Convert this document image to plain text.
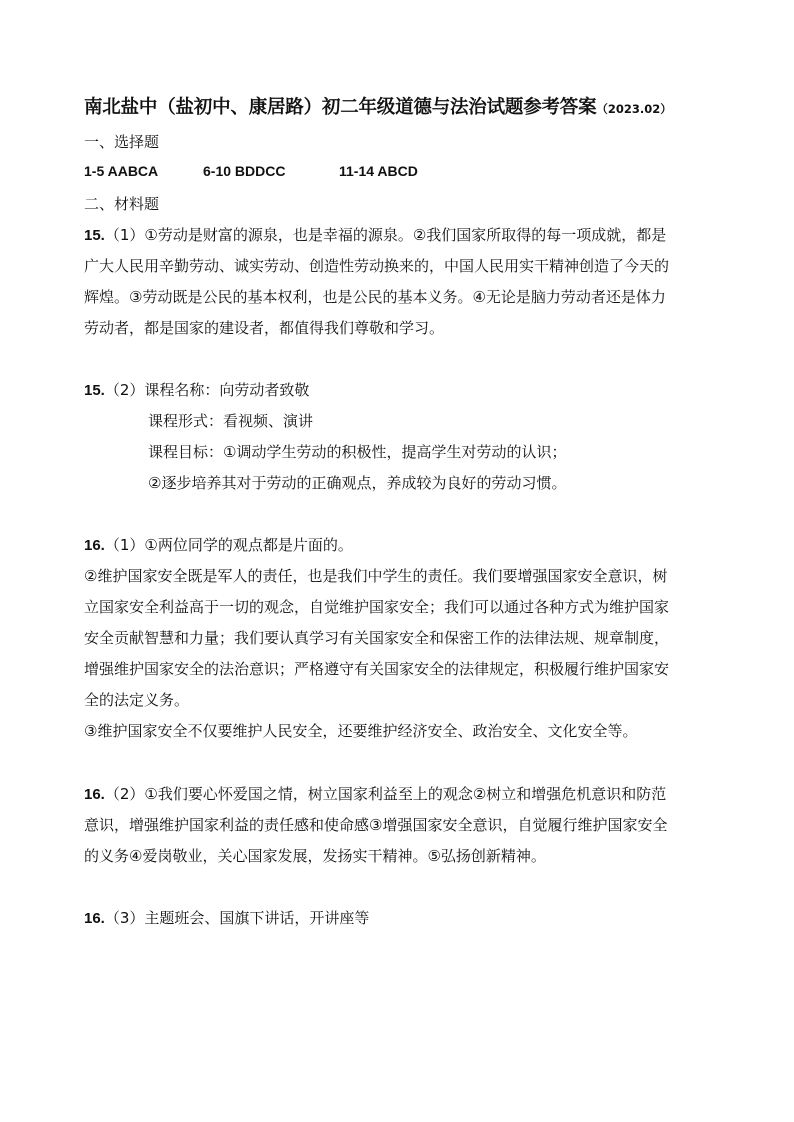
南北盐中（盐初中、康居路）初二年级道德与法治试题参考答案（2023.02）
一、选择题
1-5 AABCA	6-10 BDDCC	11-14 ABCD
二、材料题
15.（1）①劳动是财富的源泉，也是幸福的源泉。②我们国家所取得的每一项成就，都是
广大人民用辛勤劳动、诚实劳动、创造性劳动换来的，中国人民用实干精神创造了今天的
辉煌。③劳动既是公民的基本权利，也是公民的基本义务。④无论是脑力劳动者还是体力
劳动者，都是国家的建设者，都值得我们尊敬和学习。
15.（2）课程名称：向劳动者致敬
课程形式：看视频、演讲
课程目标：①调动学生劳动的积极性，提高学生对劳动的认识；
②逐步培养其对于劳动的正确观点，养成较为良好的劳动习惯。
16.（1）①两位同学的观点都是片面的。
②维护国家安全既是军人的责任，也是我们中学生的责任。我们要增强国家安全意识，树
立国家安全利益高于一切的观念，自觉维护国家安全；我们可以通过各种方式为维护国家
安全贡献智慧和力量；我们要认真学习有关国家安全和保密工作的法律法规、规章制度，
增强维护国家安全的法治意识；严格遵守有关国家安全的法律规定，积极履行维护国家安
全的法定义务。
③维护国家安全不仅要维护人民安全，还要维护经济安全、政治安全、文化安全等。
16.（2）①我们要心怀爱国之情，树立国家利益至上的观念②树立和增强危机意识和防范
意识，增强维护国家利益的责任感和使命感③增强国家安全意识，自觉履行维护国家安全
的义务④爱岗敬业，关心国家发展，发扬实干精神。⑤弘扬创新精神。
16.（3）主题班会、国旗下讲话，开讲座等
